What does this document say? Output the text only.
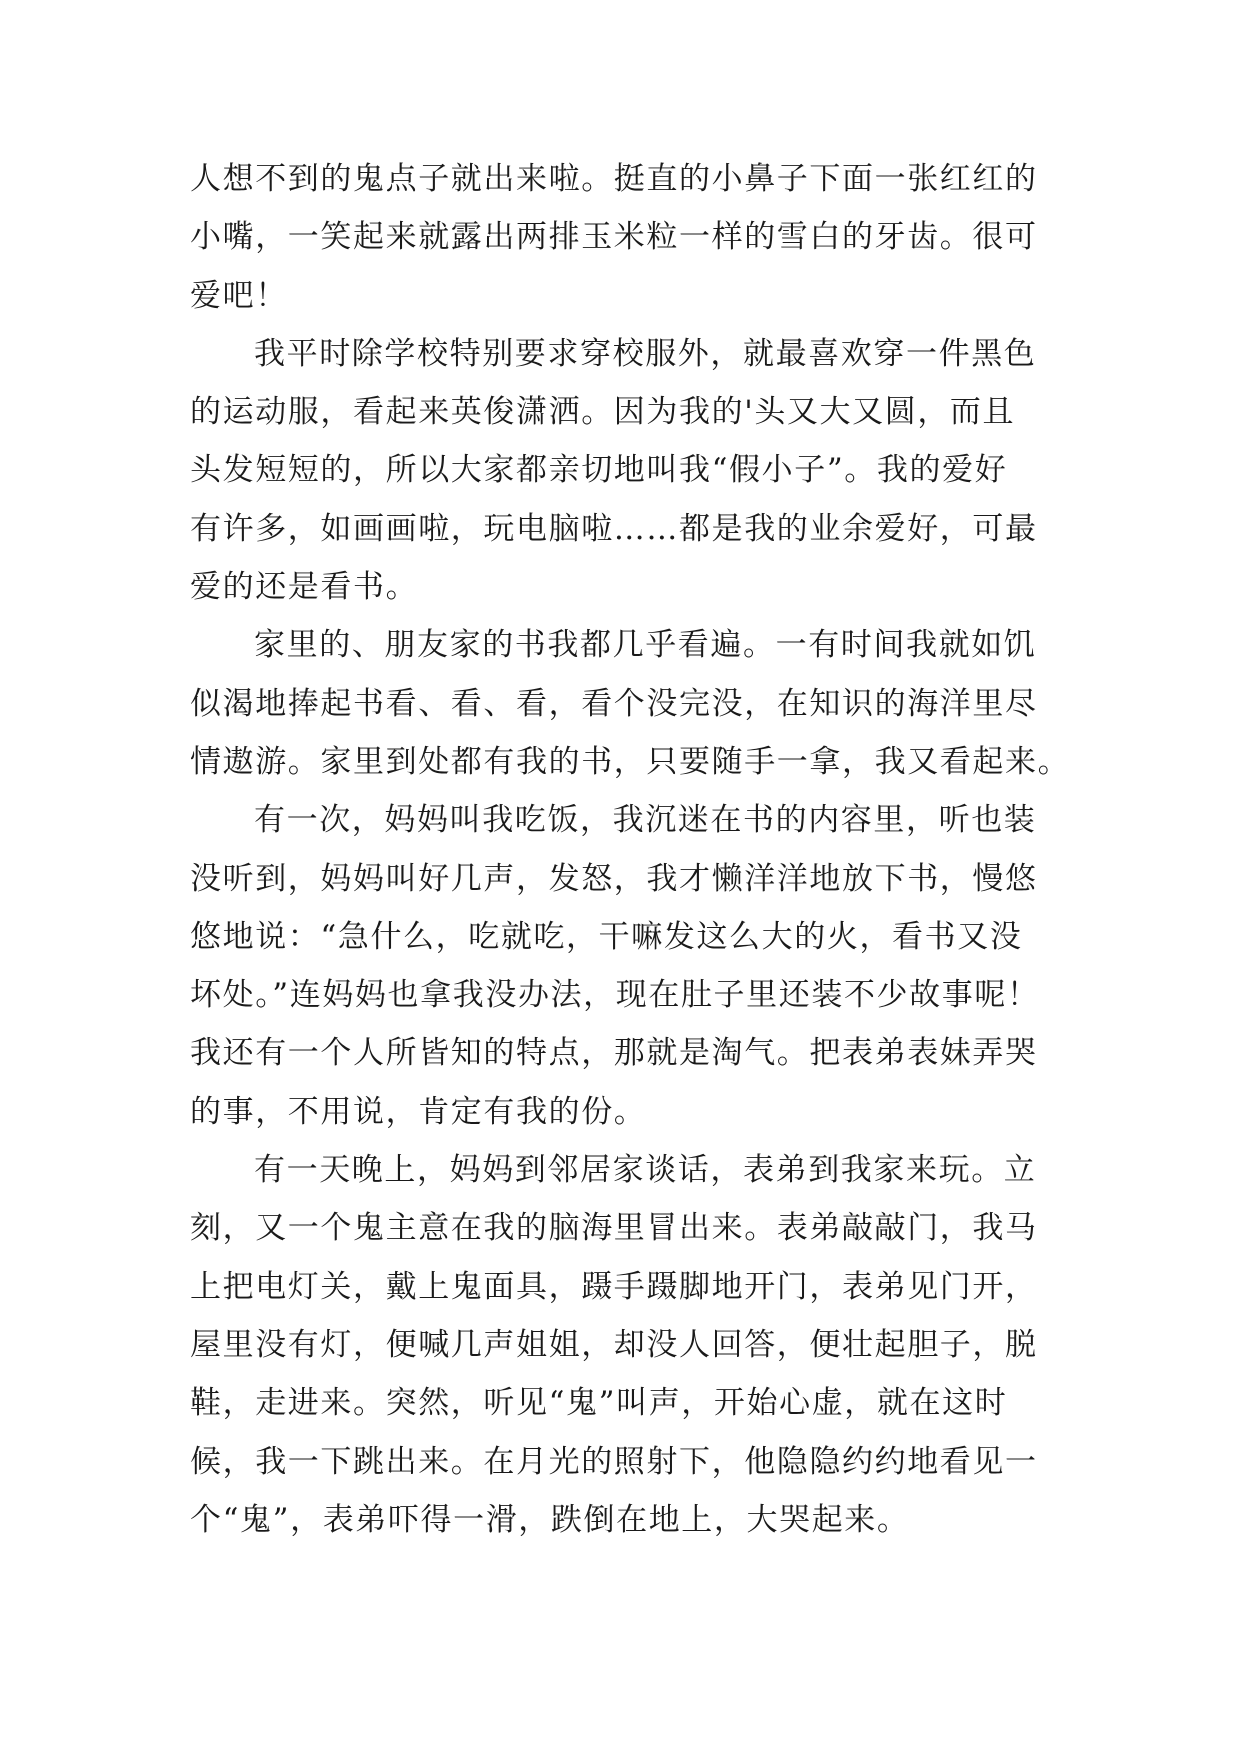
人想不到的鬼点子就出来啦。挺直的小鼻子下面一张红红的
小嘴，一笑起来就露出两排玉米粒一样的雪白的牙齿。很可
爱吧！
我平时除学校特别要求穿校服外，就最喜欢穿一件黑色
的运动服，看起来英俊潇洒。因为我的'头又大又圆，而且
头发短短的，所以大家都亲切地叫我“假小子”。我的爱好
有许多，如画画啦，玩电脑啦……都是我的业余爱好，可最
爱的还是看书。
家里的、朋友家的书我都几乎看遍。一有时间我就如饥
似渴地捧起书看、看、看，看个没完没，在知识的海洋里尽
情遨游。家里到处都有我的书，只要随手一拿，我又看起来。
有一次，妈妈叫我吃饭，我沉迷在书的内容里，听也装
没听到，妈妈叫好几声，发怒，我才懒洋洋地放下书，慢悠
悠地说：“急什么，吃就吃，干嘛发这么大的火，看书又没
坏处。”连妈妈也拿我没办法，现在肚子里还装不少故事呢！
我还有一个人所皆知的特点，那就是淘气。把表弟表妹弄哭
的事，不用说，肯定有我的份。
有一天晚上，妈妈到邻居家谈话，表弟到我家来玩。立
刻，又一个鬼主意在我的脑海里冒出来。表弟敲敲门，我马
上把电灯关，戴上鬼面具，蹑手蹑脚地开门，表弟见门开，
屋里没有灯，便喊几声姐姐，却没人回答，便壮起胆子，脱
鞋，走进来。突然，听见“鬼”叫声，开始心虚，就在这时
候，我一下跳出来。在月光的照射下，他隐隐约约地看见一
个“鬼”，表弟吓得一滑，跌倒在地上，大哭起来。
